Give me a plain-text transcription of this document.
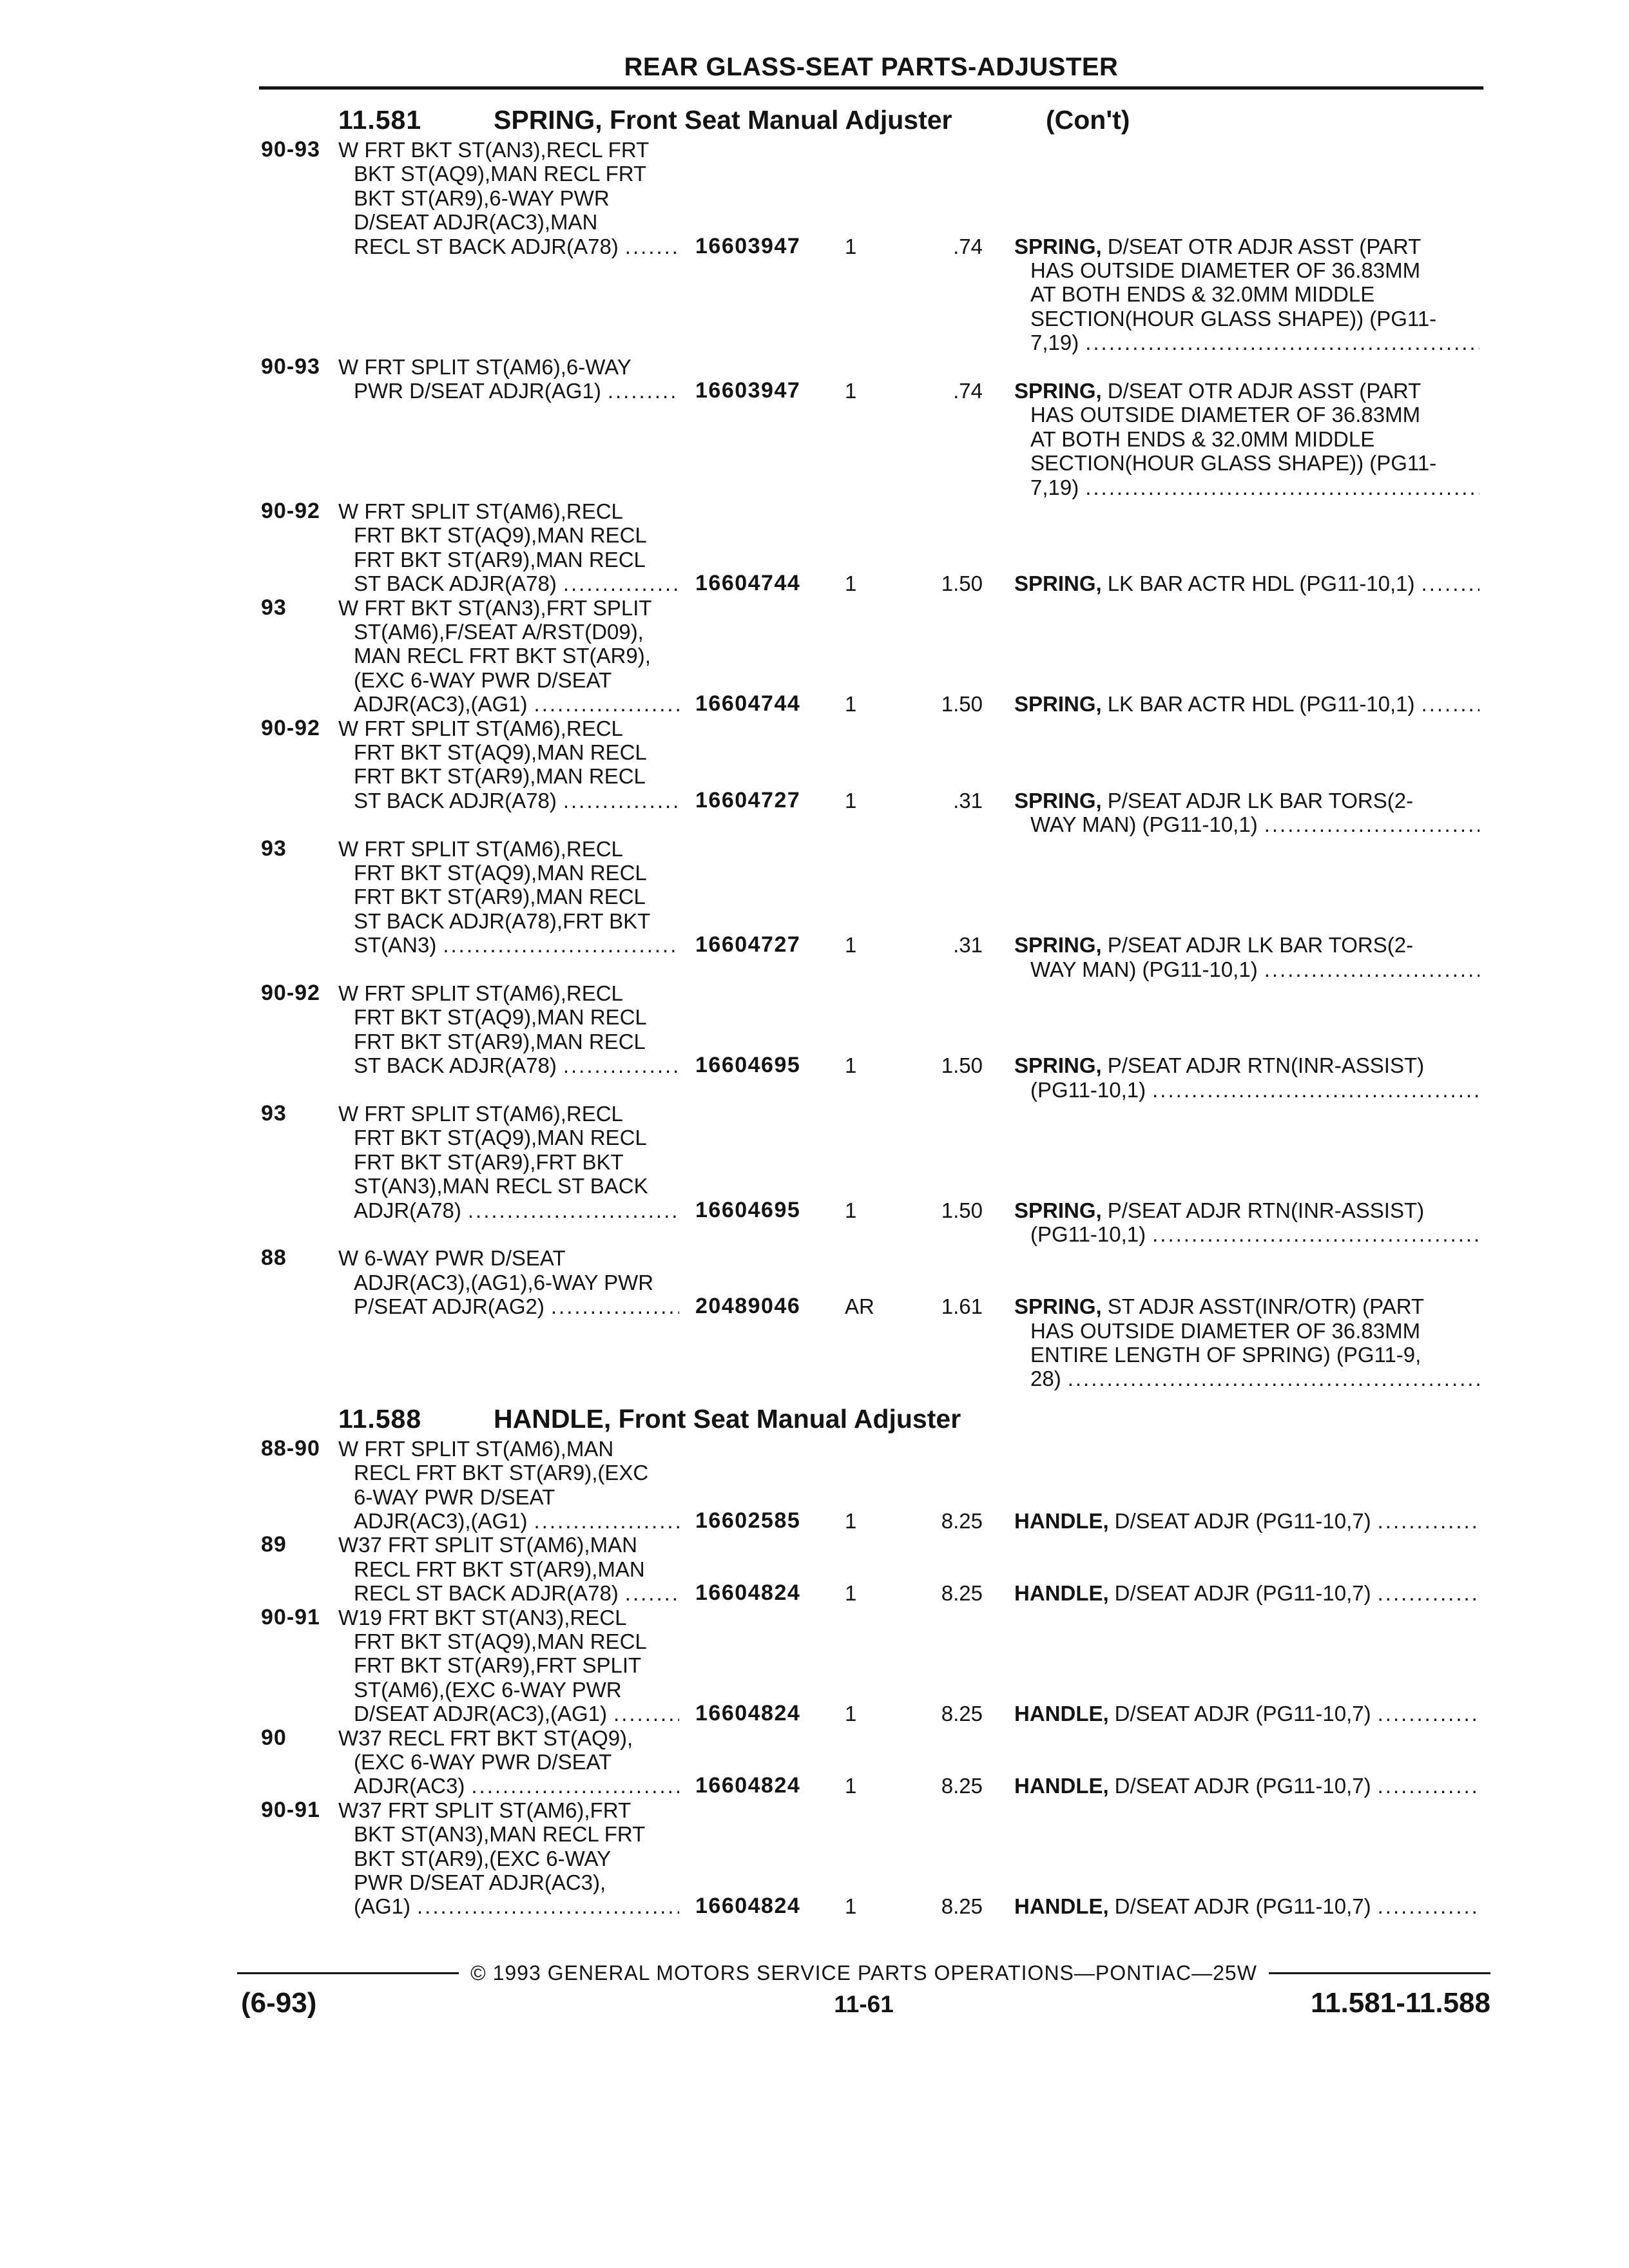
REAR GLASS-SEAT PARTS-ADJUSTER
11.581	SPRING, Front Seat Manual Adjuster	(Con't)
90-93 W FRT BKT ST(AN3),RECL FRT
BKT ST(AQ9),MAN RECL FRT
BKT ST(AR9),6-WAY PWR
D/SEAT ADJR(AC3),MAN
RECL ST BACK ADJR(A78) .....	16603947 1	.74 SPRING, D/SEAT OTR ADJR ASST (PART
HAS OUTSIDE DIAMETER OF 36.83MM
AT BOTH ENDS & 32.0MM MIDDLE
SECTION(HOUR GLASS SHAPE)) (PG11-
7,19)
.....
90-93 W FRT SPLIT ST(AM6),6-WAY
PWR D/SEAT ADJR(AG1) .....	16603947 1	.74 SPRING, D/SEAT OTR ADJR ASST (PART
HAS OUTSIDE DIAMETER OF 36.83MM
AT BOTH ENDS & 32.0MM MIDDLE
SECTION(HOUR GLASS SHAPE)) (PG11-
7,19)
.....
90-92 W FRT SPLIT ST(AM6),RECL
FRT BKT ST(AQ9),MAN RECL
FRT BKT ST(AR9),MAN RECL
ST BACK ADJR(A78) .....	16604744 1	1.50 SPRING, LK BAR ACTR HDL (PG11-10,1)
.....
93 W FRT BKT ST(AN3),FRT SPLIT
ST(AM6),F/SEAT A/RST(D09),
MAN RECL FRT BKT ST(AR9),
(EXC 6-WAY PWR D/SEAT
ADJR(AC3),(AG1) .....	16604744 1	1.50 SPRING, LK BAR ACTR HDL (PG11-10,1)
.....
90-92 W FRT SPLIT ST(AM6),RECL
FRT BKT ST(AQ9),MAN RECL
FRT BKT ST(AR9),MAN RECL
ST BACK ADJR(A78) .....	16604727 1	.31 SPRING, P/SEAT ADJR LK BAR TORS(2-
WAY MAN) (PG11-10,1)
.....
93 W FRT SPLIT ST(AM6),RECL
FRT BKT ST(AQ9),MAN RECL
FRT BKT ST(AR9),MAN RECL
ST BACK ADJR(A78),FRT BKT
ST(AN3) .....	16604727 1	.31 SPRING, P/SEAT ADJR LK BAR TORS(2-
WAY MAN) (PG11-10,1)
.....
90-92 W FRT SPLIT ST(AM6),RECL
FRT BKT ST(AQ9),MAN RECL
FRT BKT ST(AR9),MAN RECL
ST BACK ADJR(A78) .....	16604695 1	1.50 SPRING, P/SEAT ADJR RTN(INR-ASSIST)
(PG11-10,1)
.....
93 W FRT SPLIT ST(AM6),RECL
FRT BKT ST(AQ9),MAN RECL
FRT BKT ST(AR9),FRT BKT
ST(AN3),MAN RECL ST BACK
ADJR(A78) .....	16604695 1	1.50 SPRING, P/SEAT ADJR RTN(INR-ASSIST)
(PG11-10,1)
.....
88 W 6-WAY PWR D/SEAT
ADJR(AC3),(AG1),6-WAY PWR
P/SEAT ADJR(AG2) .....	20489046 AR	1.61 SPRING, ST ADJR ASST(INR/OTR) (PART
HAS OUTSIDE DIAMETER OF 36.83MM
ENTIRE LENGTH OF SPRING) (PG11-9,
28)
.....
11.588	HANDLE, Front Seat Manual Adjuster
88-90 W FRT SPLIT ST(AM6),MAN
RECL FRT BKT ST(AR9),(EXC
6-WAY PWR D/SEAT
ADJR(AC3),(AG1) .....	16602585 1	8.25 HANDLE, D/SEAT ADJR (PG11-10,7)
.....
89 W37 FRT SPLIT ST(AM6),MAN
RECL FRT BKT ST(AR9),MAN
RECL ST BACK ADJR(A78) .....	16604824 1	8.25 HANDLE, D/SEAT ADJR (PG11-10,7)
.....
90-91 W19 FRT BKT ST(AN3),RECL
FRT BKT ST(AQ9),MAN RECL
FRT BKT ST(AR9),FRT SPLIT
ST(AM6),(EXC 6-WAY PWR
D/SEAT ADJR(AC3),(AG1) .....	16604824 1	8.25 HANDLE, D/SEAT ADJR (PG11-10,7)
.....
90 W37 RECL FRT BKT ST(AQ9),
(EXC 6-WAY PWR D/SEAT
ADJR(AC3) .....	16604824 1	8.25 HANDLE, D/SEAT ADJR (PG11-10,7)
.....
90-91 W37 FRT SPLIT ST(AM6),FRT
BKT ST(AN3),MAN RECL FRT
BKT ST(AR9),(EXC 6-WAY
PWR D/SEAT ADJR(AC3),
(AG1) .....	16604824 1	8.25 HANDLE, D/SEAT ADJR (PG11-10,7)
.....
© 1993 GENERAL MOTORS SERVICE PARTS OPERATIONS—PONTIAC—25W
(6-93)	11-61	11.581-11.588
